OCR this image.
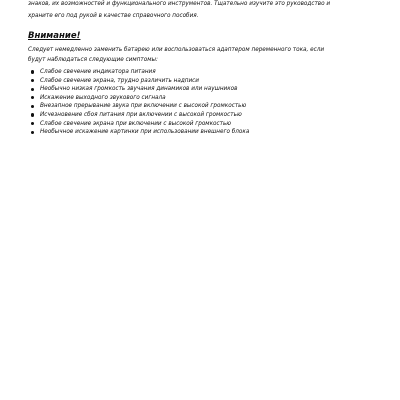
знаков, их возможностей и функционального инструментов. Тщательно изучите это руководство и
храните его под рукой в качестве справочного пособия.
Внимание!
Следует немедленно заменить батарею или воспользоваться адаптером переменного тока, если
будут наблюдаться следующие симптомы:
Слабое свечение индикатора питания
Слабое свечение экрана, трудно различить надписи
Необычно низкая громкость звучания динамиков или наушников
Искажение выходного звукового сигнала
Внезапное прерывание звука при включении с высокой громкостью
Исчезновение сбоя питания при включении с высокой громкостью
Слабое свечение экрана при включении с высокой громкостью
Необычное искажение картинки при использовании внешнего блока
